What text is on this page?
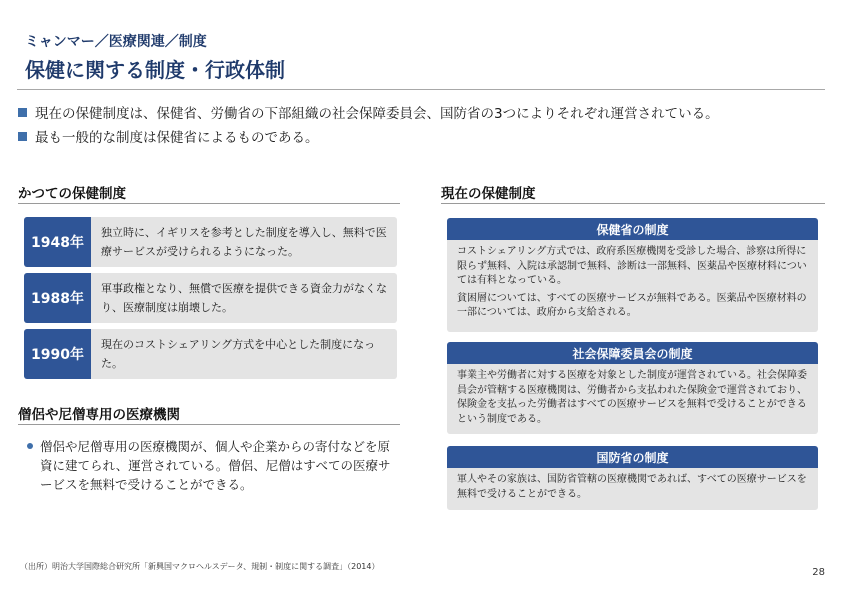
ミャンマー／医療関連／制度
保健に関する制度・行政体制
現在の保健制度は、保健省、労働省の下部組織の社会保障委員会、国防省の3つによりそれぞれ運営されている。
最も一般的な制度は保健省によるものである。
かつての保健制度
1948年
独立時に、イギリスを参考とした制度を導入し、無料で医療サービスが受けられるようになった。
1988年
軍事政権となり、無償で医療を提供できる資金力がなくなり、医療制度は崩壊した。
1990年
現在のコストシェアリング方式を中心とした制度になった。
僧侶や尼僧専用の医療機関
僧侶や尼僧専用の医療機関が、個人や企業からの寄付などを原資に建てられ、運営されている。僧侶、尼僧はすべての医療サービスを無料で受けることができる。
現在の保健制度
保健省の制度

コストシェアリング方式では、政府系医療機関を受診した場合、診察は所得に限らず無料、入院は承認制で無料、診断は一部無料、医薬品や医療材料については有料となっている。

貧困層については、すべての医療サービスが無料である。医薬品や医療材料の一部については、政府から支給される。

社会保障委員会の制度

事業主や労働者に対する医療を対象とした制度が運営されている。社会保障委員会が管轄する医療機関は、労働者から支払われた保険金で運営されており、保険金を支払った労働者はすべての医療サービスを無料で受けることができるという制度である。

国防省の制度

軍人やその家族は、国防省管轄の医療機関であれば、すべての医療サービスを無料で受けることができる。

（出所）明治大学国際総合研究所「新興国マクロヘルスデータ、規制・制度に関する調査」（2014）
28
